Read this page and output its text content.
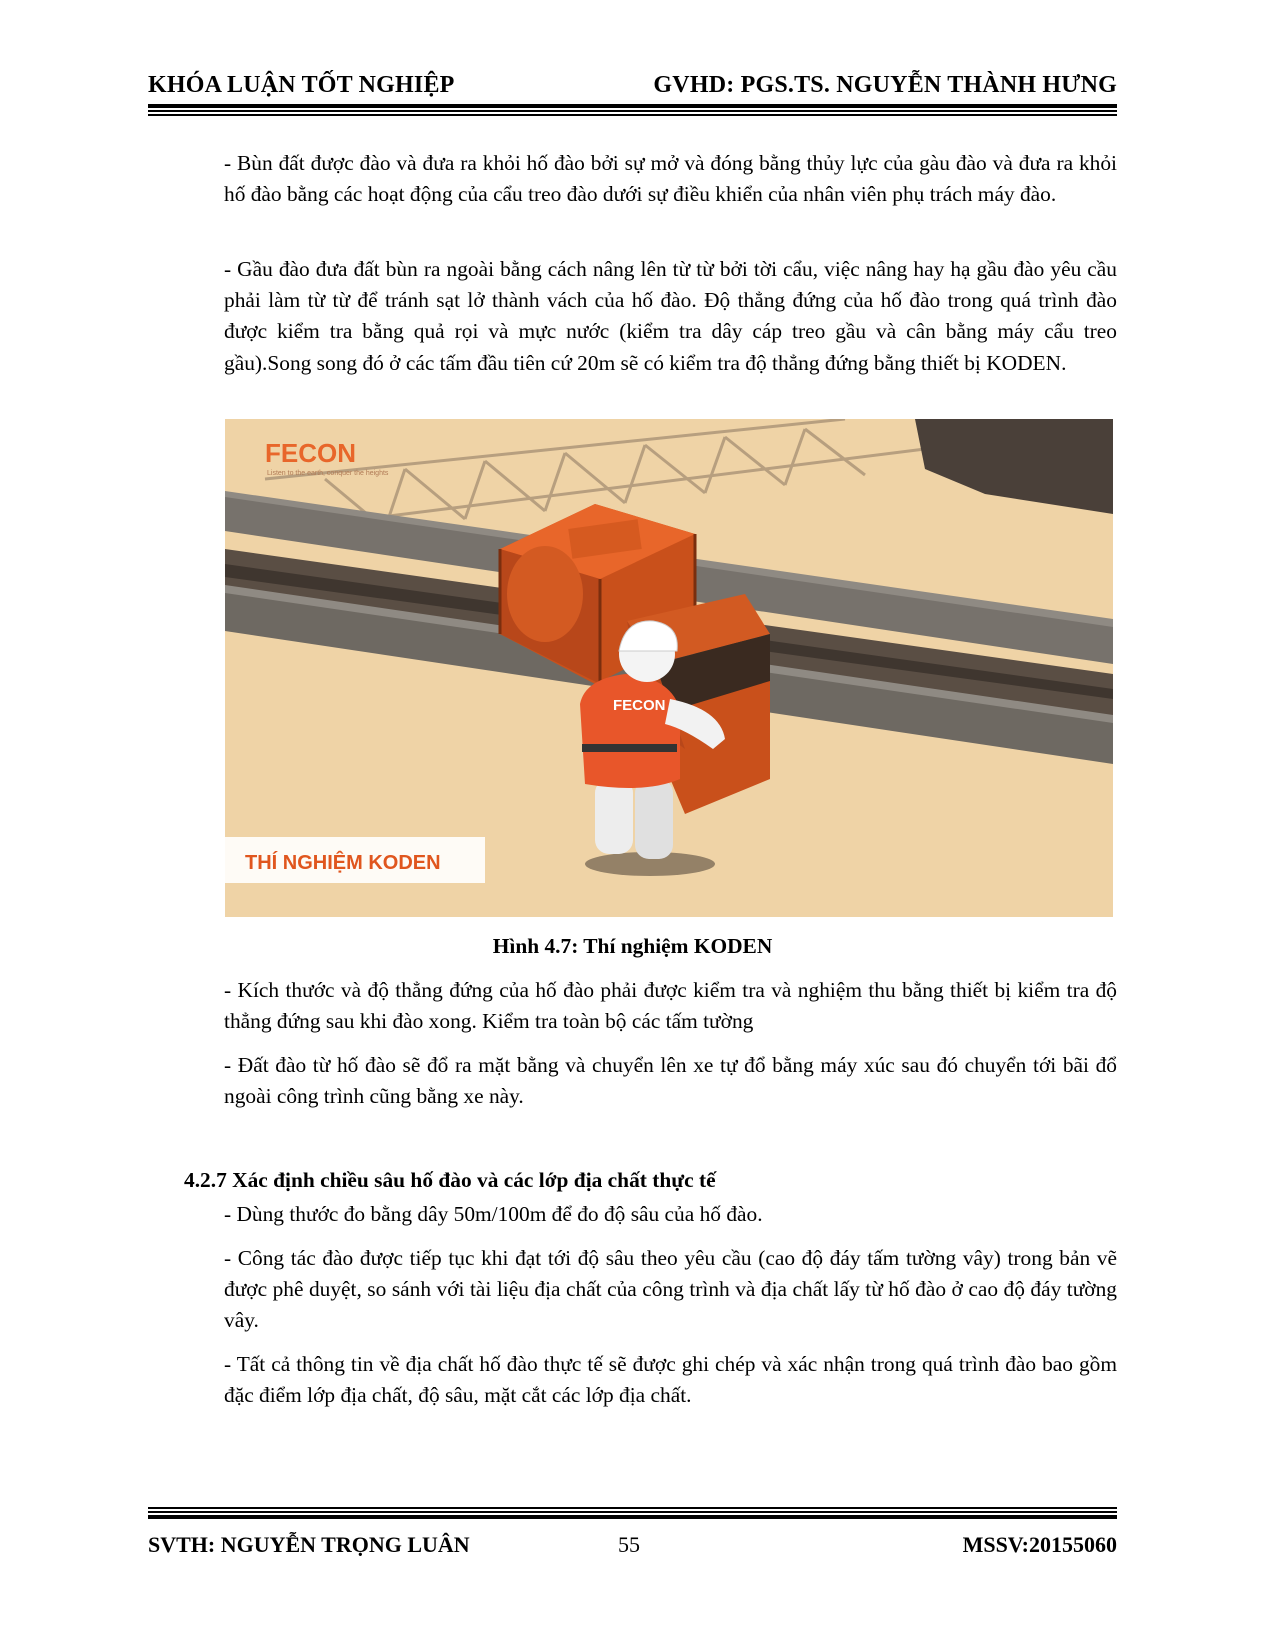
KHÓA LUẬN TỐT NGHIỆP	GVHD: PGS.TS. NGUYỄN THÀNH HƯNG

- Bùn đất được đào và đưa ra khỏi hố đào bởi sự mở và đóng bằng thủy lực của gàu đào và đưa ra khỏi hố đào bằng các hoạt động của cẩu treo đào dưới sự điều khiển của nhân viên phụ trách máy đào.

- Gầu đào đưa đất bùn ra ngoài bằng cách nâng lên từ từ bởi tời cẩu, việc nâng hay hạ gầu đào yêu cầu phải làm từ từ để tránh sạt lở thành vách của hố đào. Độ thẳng đứng của hố đào trong quá trình đào được kiểm tra bằng quả rọi và mực nước (kiểm tra dây cáp treo gầu và cân bằng máy cẩu treo gầu).Song song đó ở các tấm đầu tiên cứ 20m sẽ có kiểm tra độ thẳng đứng bằng thiết bị KODEN.

FECON
FECON
Listen to the earth, conquer the heights
THÍ NGHIỆM KODEN
Hình 4.7: Thí nghiệm KODEN

- Kích thước và độ thẳng đứng của hố đào phải được kiểm tra và nghiệm thu bằng thiết bị kiểm tra độ thẳng đứng sau khi đào xong. Kiểm tra toàn bộ các tấm tường

- Đất đào từ hố đào sẽ đổ ra mặt bằng và chuyển lên xe tự đổ bằng máy xúc sau đó chuyển tới bãi đổ ngoài công trình cũng bằng xe này.

4.2.7 Xác định chiều sâu hố đào và các lớp địa chất thực tế

- Dùng thước đo bằng dây 50m/100m để đo độ sâu của hố đào.

- Công tác đào được tiếp tục khi đạt tới độ sâu theo yêu cầu (cao độ đáy tấm tường vây) trong bản vẽ được phê duyệt, so sánh với tài liệu địa chất của công trình và địa chất lấy từ hố đào ở cao độ đáy tường vây.

- Tất cả thông tin về địa chất hố đào thực tế sẽ được ghi chép và xác nhận trong quá trình đào bao gồm đặc điểm lớp địa chất, độ sâu, mặt cắt các lớp địa chất.

SVTH: NGUYỄN TRỌNG LUÂN	55	MSSV:20155060
